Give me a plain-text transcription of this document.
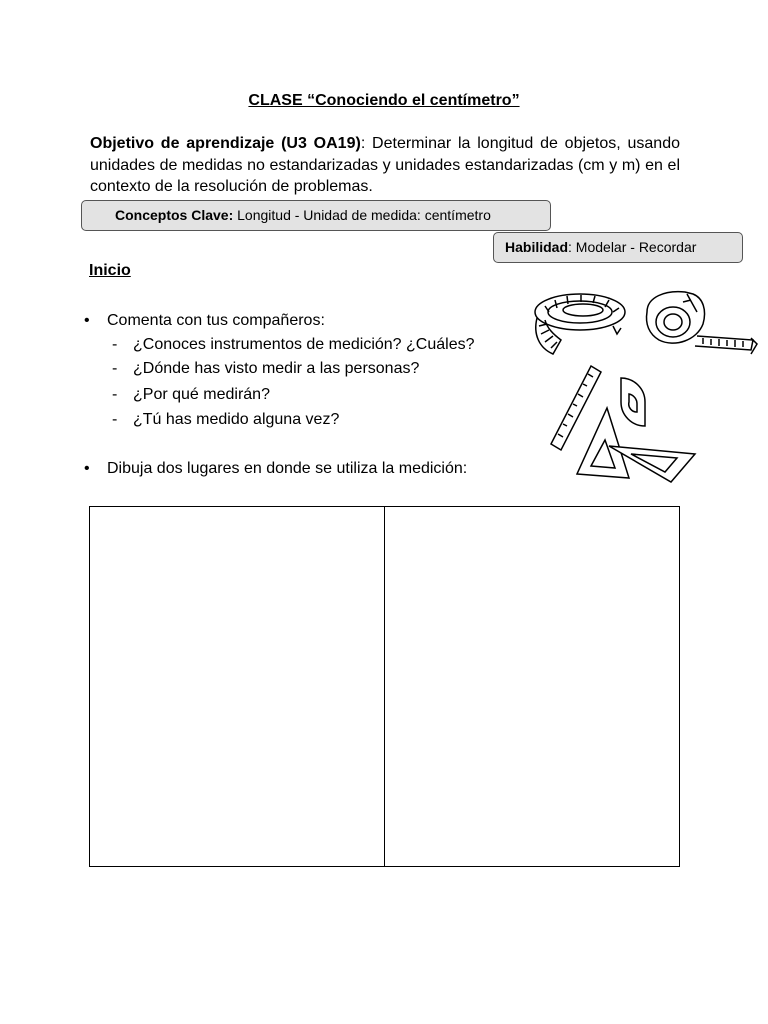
CLASE “Conociendo el centímetro”
Objetivo de aprendizaje (U3 OA19): Determinar la longitud de objetos, usando unidades de medidas no estandarizadas y unidades estandarizadas (cm y m) en el contexto de la resolución de problemas.
Conceptos Clave: Longitud - Unidad de medida: centímetro
Habilidad: Modelar - Recordar
Inicio
• Comenta con tus compañeros:
- ¿Conoces instrumentos de medición? ¿Cuáles?
- ¿Dónde has visto medir a las personas?
- ¿Por qué medirán?
- ¿Tú has medido alguna vez?
• Dibuja dos lugares en donde se utiliza la medición:
